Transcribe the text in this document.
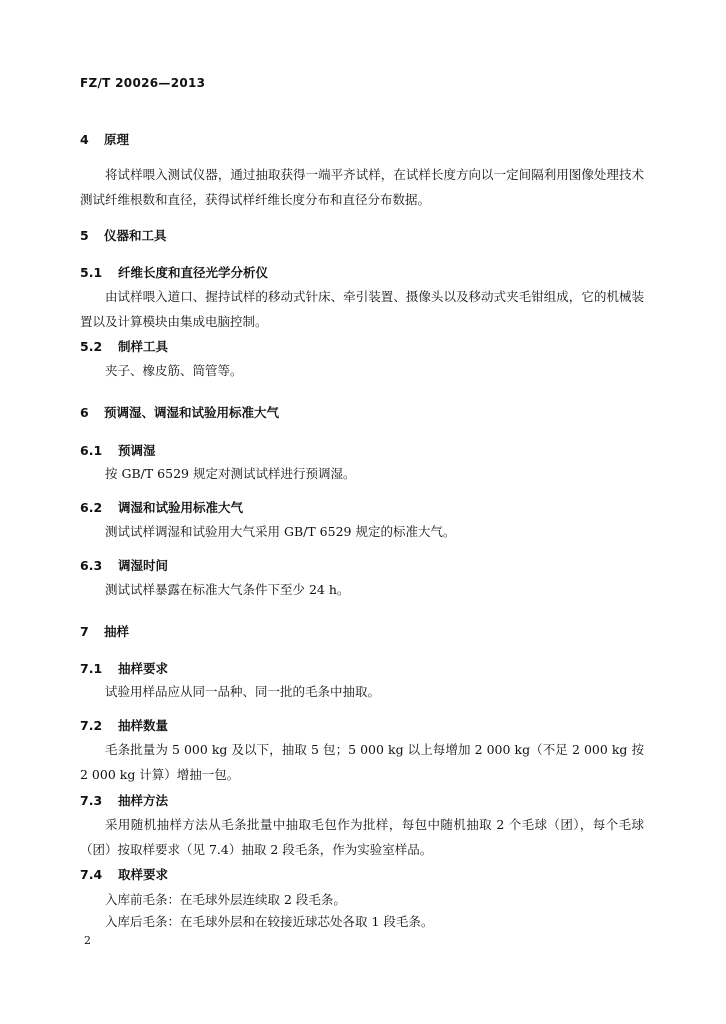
FZ/T 20026—2013
4 原理
将试样喂入测试仪器，通过抽取获得一端平齐试样，在试样长度方向以一定间隔利用图像处理技术测试纤维根数和直径，获得试样纤维长度分布和直径分布数据。
5 仪器和工具
5.1 纤维长度和直径光学分析仪
由试样喂入道口、握持试样的移动式针床、牵引装置、摄像头以及移动式夹毛钳组成，它的机械装置以及计算模块由集成电脑控制。
5.2 制样工具
夹子、橡皮筋、筒管等。
6 预调湿、调湿和试验用标准大气
6.1 预调湿
按 GB/T 6529 规定对测试试样进行预调湿。
6.2 调湿和试验用标准大气
测试试样调湿和试验用大气采用 GB/T 6529 规定的标准大气。
6.3 调湿时间
测试试样暴露在标准大气条件下至少 24 h。
7 抽样
7.1 抽样要求
试验用样品应从同一品种、同一批的毛条中抽取。
7.2 抽样数量
毛条批量为 5 000 kg 及以下，抽取 5 包；5 000 kg 以上每增加 2 000 kg（不足 2 000 kg 按 2 000 kg 计算）增抽一包。
7.3 抽样方法
采用随机抽样方法从毛条批量中抽取毛包作为批样，每包中随机抽取 2 个毛球（团），每个毛球（团）按取样要求（见 7.4）抽取 2 段毛条，作为实验室样品。
7.4 取样要求
入库前毛条：在毛球外层连续取 2 段毛条。
入库后毛条：在毛球外层和在较接近球芯处各取 1 段毛条。
2
